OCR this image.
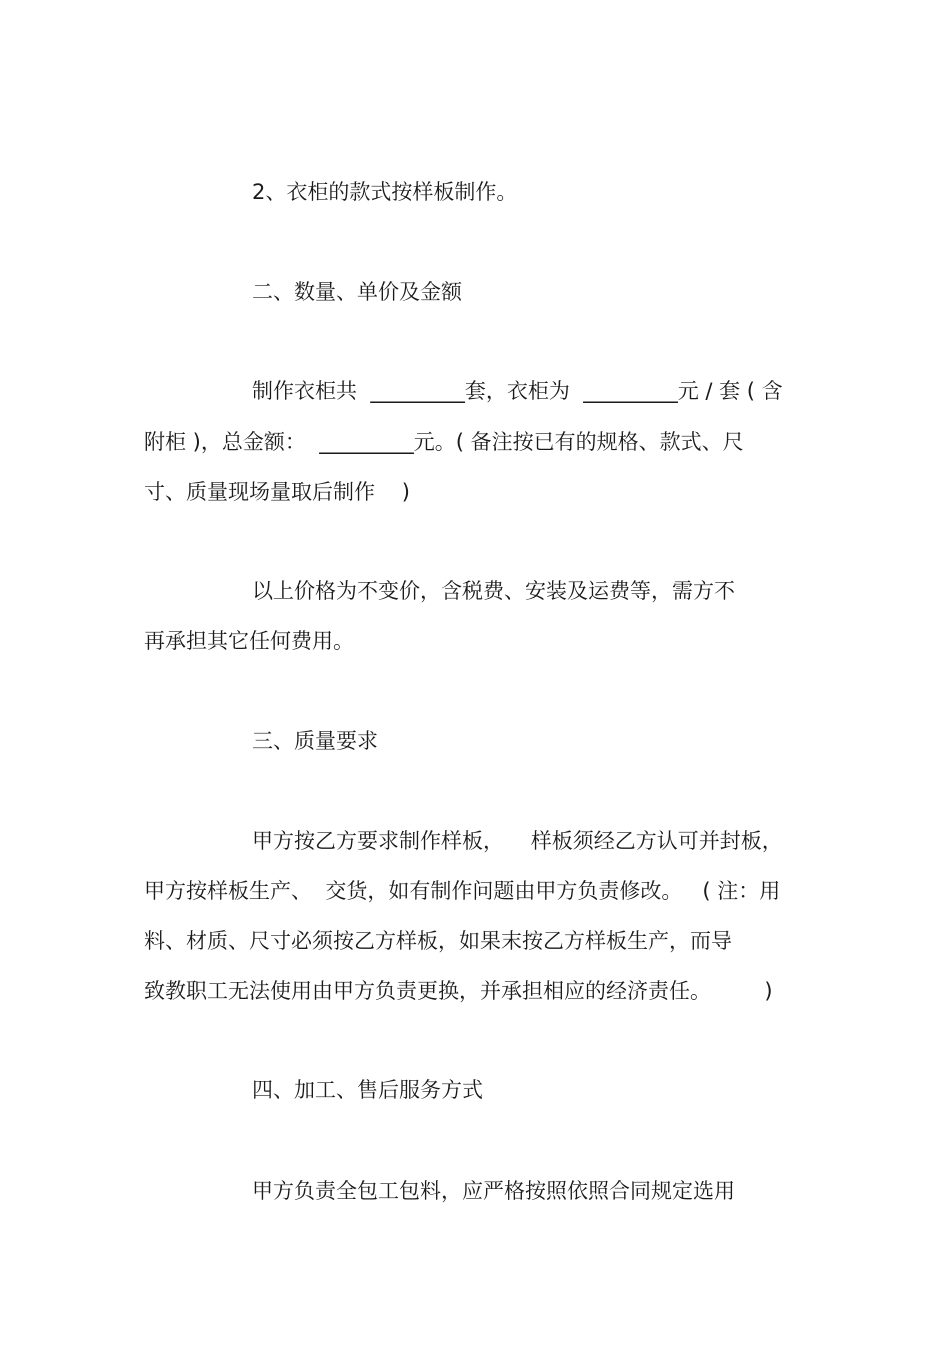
2、衣柜的款式按样板制作。

二、数量、单价及金额

制作衣柜共  _________套，衣柜为  _________元 / 套 ( 含

附柜 )，总金额：  _________元。( 备注按已有的规格、款式、尺

寸、质量现场量取后制作    )

以上价格为不变价，含税费、安装及运费等，需方不

再承担其它任何费用。

三、质量要求

甲方按乙方要求制作样板，    样板须经乙方认可并封板，

甲方按样板生产、  交货，如有制作问题由甲方负责修改。   ( 注：用

料、材质、尺寸必须按乙方样板，如果末按乙方样板生产，而导

致教职工无法使用由甲方负责更换，并承担相应的经济责任。        )

四、加工、售后服务方式

甲方负责全包工包料，应严格按照依照合同规定选用
